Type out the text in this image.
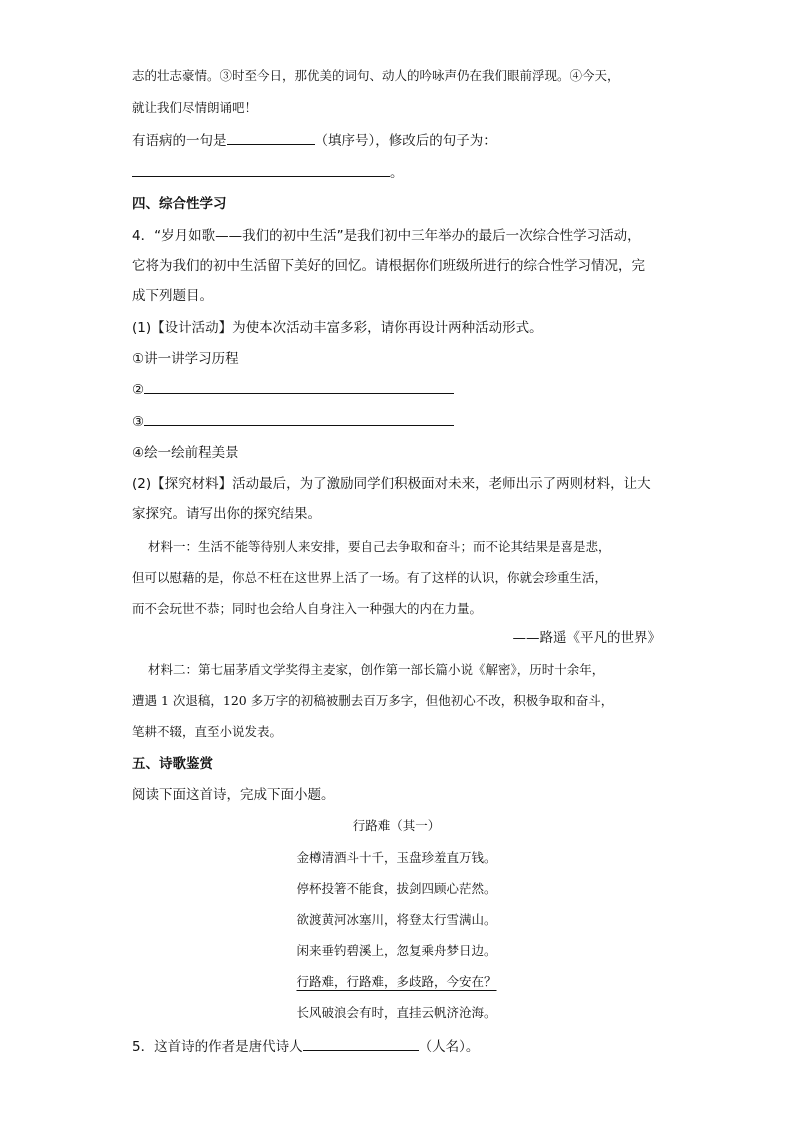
志的壮志豪情。③时至今日，那优美的词句、动人的吟咏声仍在我们眼前浮现。④今天，
就让我们尽情朗诵吧！
有语病的一句是	（填序号），修改后的句子为：
。
四、综合性学习
4．“岁月如歌——我们的初中生活”是我们初中三年举办的最后一次综合性学习活动，
它将为我们的初中生活留下美好的回忆。请根据你们班级所进行的综合性学习情况，完
成下列题目。
(1)【设计活动】为使本次活动丰富多彩，请你再设计两种活动形式。
①讲一讲学习历程
②
③
④绘一绘前程美景
(2)【探究材料】活动最后，为了激励同学们积极面对未来，老师出示了两则材料，让大
家探究。请写出你的探究结果。
材料一：生活不能等待别人来安排，要自己去争取和奋斗；而不论其结果是喜是悲，
但可以慰藉的是，你总不枉在这世界上活了一场。有了这样的认识，你就会珍重生活，
而不会玩世不恭；同时也会给人自身注入一种强大的内在力量。
——路遥《平凡的世界》
材料二：第七届茅盾文学奖得主麦家，创作第一部长篇小说《解密》，历时十余年，
遭遇 1 次退稿，120 多万字的初稿被删去百万多字，但他初心不改，积极争取和奋斗，
笔耕不辍，直至小说发表。
五、诗歌鉴赏
阅读下面这首诗，完成下面小题。
行路难（其一）
金樽清酒斗十千，玉盘珍羞直万钱。
停杯投箸不能食，拔剑四顾心茫然。
欲渡黄河冰塞川，将登太行雪满山。
闲来垂钓碧溪上，忽复乘舟梦日边。
行路难，行路难，多歧路，今安在？
长风破浪会有时，直挂云帆济沧海。
5．这首诗的作者是唐代诗人	（人名）。
